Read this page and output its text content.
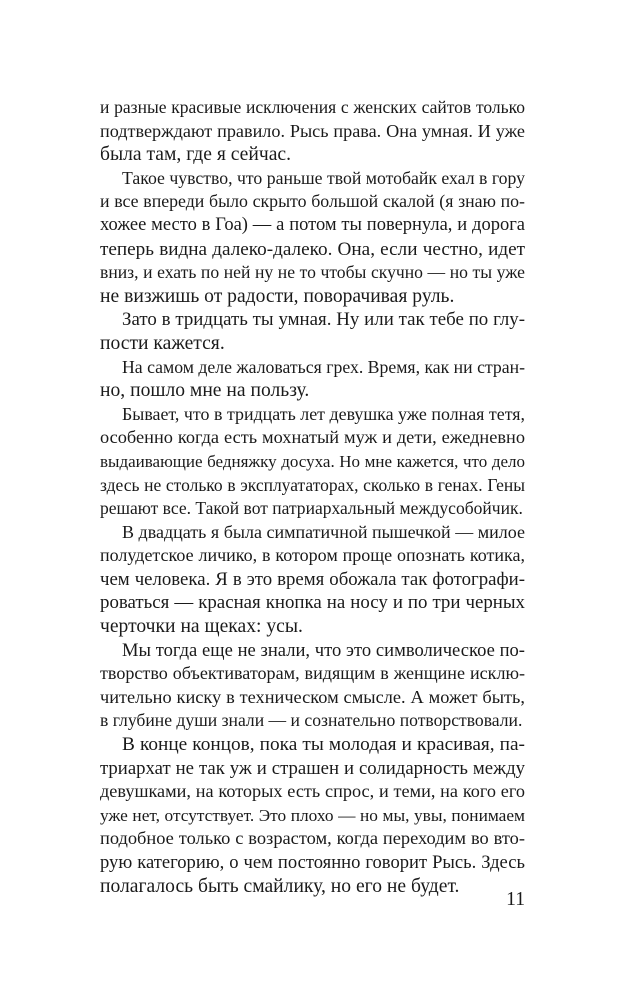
и разные красивые исключения с женских сайтов только
подтверждают правило. Рысь права. Она умная. И уже
была там, где я сейчас.
Такое чувство, что раньше твой мотобайк ехал в гору
и все впереди было скрыто большой скалой (я знаю по-
хожее место в Гоа) — а потом ты повернула, и дорога
теперь видна далеко-далеко. Она, если честно, идет
вниз, и ехать по ней ну не то чтобы скучно — но ты уже
не визжишь от радости, поворачивая руль.
Зато в тридцать ты умная. Ну или так тебе по глу-
пости кажется.
На самом деле жаловаться грех. Время, как ни стран-
но, пошло мне на пользу.
Бывает, что в тридцать лет девушка уже полная тетя,
особенно когда есть мохнатый муж и дети, ежедневно
выдаивающие бедняжку досуха. Но мне кажется, что дело
здесь не столько в эксплуататорах, сколько в генах. Гены
решают все. Такой вот патриархальный междусобойчик.
В двадцать я была симпатичной пышечкой — милое
полудетское личико, в котором проще опознать котика,
чем человека. Я в это время обожала так фотографи-
роваться — красная кнопка на носу и по три черных
черточки на щеках: усы.
Мы тогда еще не знали, что это символическое по-
творство объективаторам, видящим в женщине исклю-
чительно киску в техническом смысле. А может быть,
в глубине души знали — и сознательно потворствовали.
В конце концов, пока ты молодая и красивая, па-
триархат не так уж и страшен и солидарность между
девушками, на которых есть спрос, и теми, на кого его
уже нет, отсутствует. Это плохо — но мы, увы, понимаем
подобное только с возрастом, когда переходим во вто-
рую категорию, о чем постоянно говорит Рысь. Здесь
полагалось быть смайлику, но его не будет.
11
